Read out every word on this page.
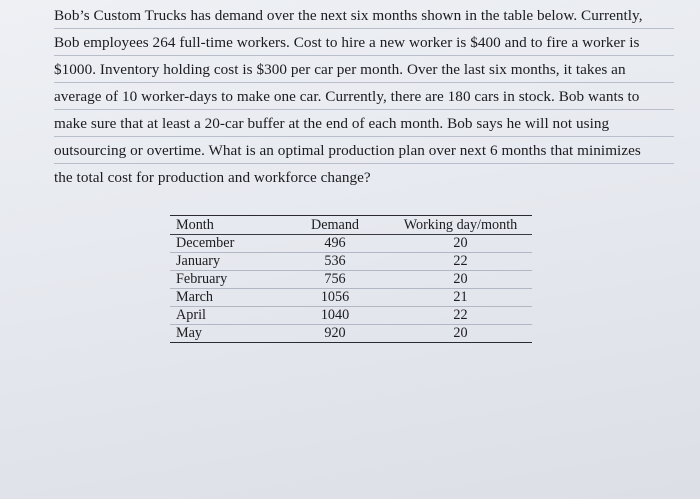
Bob’s Custom Trucks has demand over the next six months shown in the table below. Currently,
Bob employees 264 full-time workers. Cost to hire a new worker is $400 and to fire a worker is
$1000. Inventory holding cost is $300 per car per month. Over the last six months, it takes an
average of 10 worker-days to make one car. Currently, there are 180 cars in stock. Bob wants to
make sure that at least a 20-car buffer at the end of each month. Bob says he will not using
outsourcing or overtime. What is an optimal production plan over next 6 months that minimizes
the total cost for production and workforce change?
Month	Demand	Working day/month
December	496	20
January	536	22
February	756	20
March	1056	21
April	1040	22
May	920	20
